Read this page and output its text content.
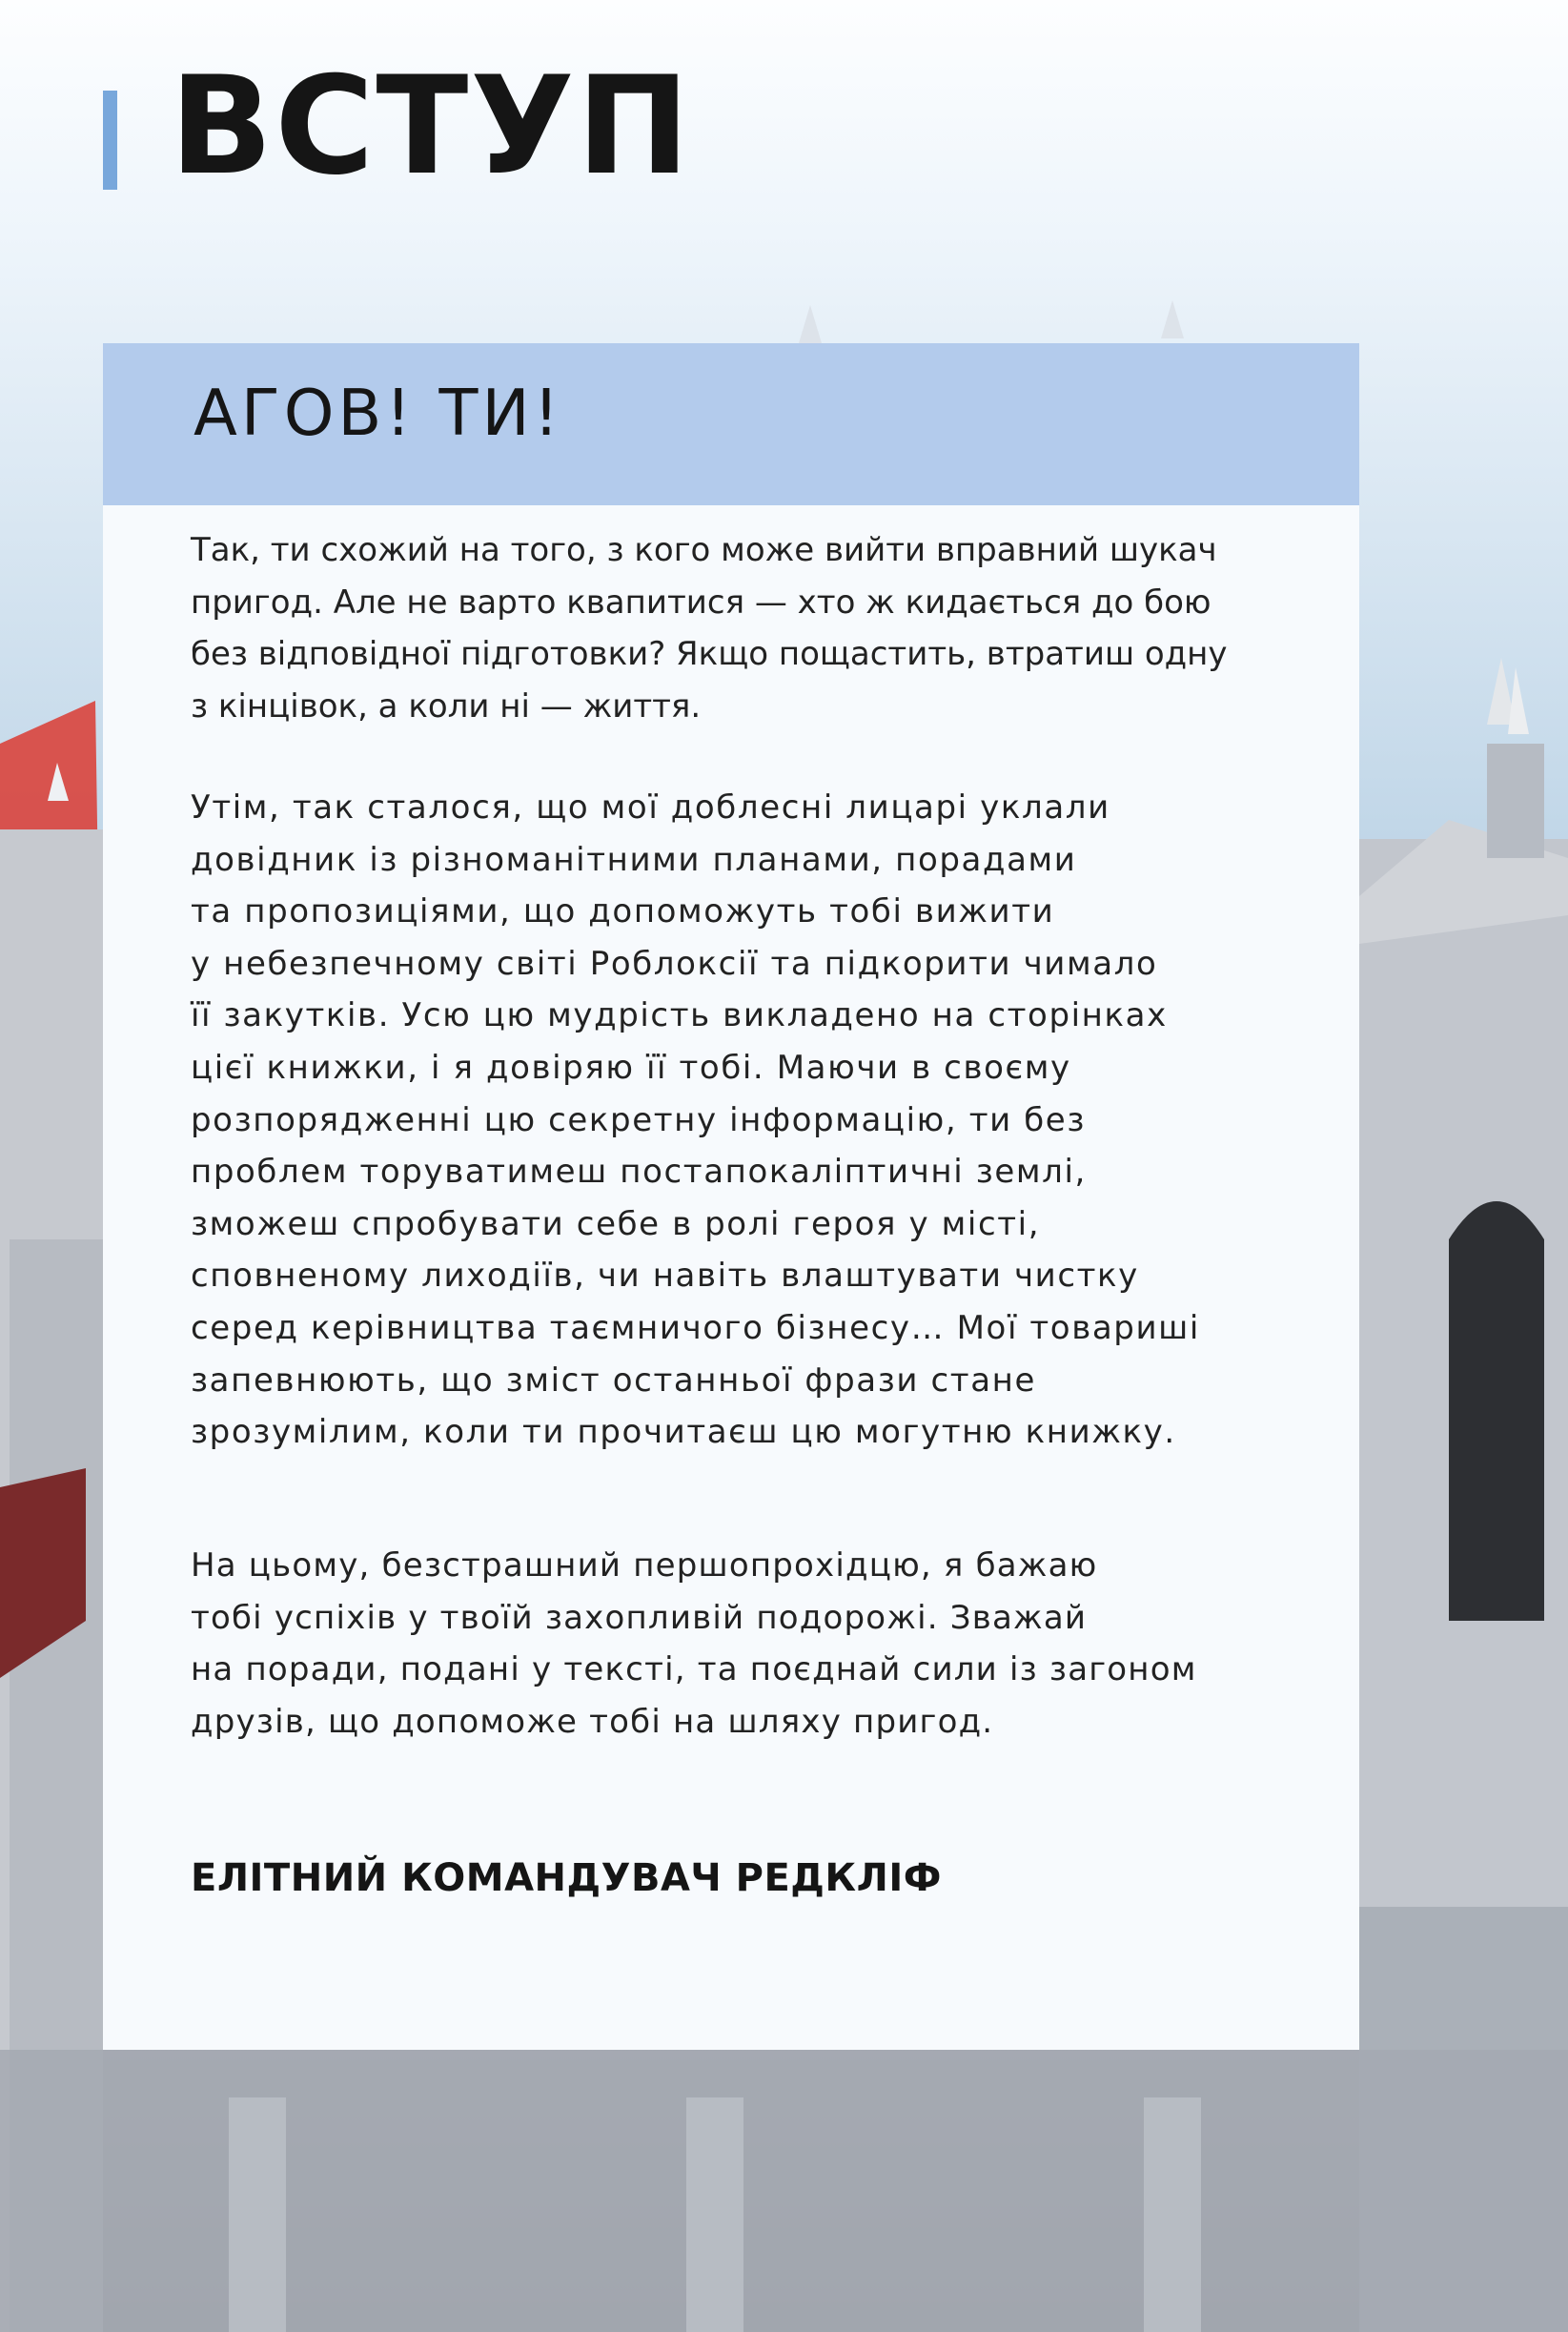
ВСТУП
АГОВ! ТИ!

Так, ти схожий на того, з кого може вийти вправний шукач
пригод. Але не варто квапитися — хто ж кидається до бою
без відповідної підготовки? Якщо пощастить, втратиш одну
з кінцівок, а коли ні — життя.

Утім, так сталося, що мої доблесні лицарі уклали
довідник із різноманітними планами, порадами
та пропозиціями, що допоможуть тобі вижити
у небезпечному світі Роблоксії та підкорити чимало
її закутків. Усю цю мудрість викладено на сторінках
цієї книжки, і я довіряю її тобі. Маючи в своєму
розпорядженні цю секретну інформацію, ти без
проблем торуватимеш постапокаліптичні землі,
зможеш спробувати себе в ролі героя у місті,
сповненому лиходіїв, чи навіть влаштувати чистку
серед керівництва таємничого бізнесу… Мої товариші
запевнюють, що зміст останньої фрази стане
зрозумілим, коли ти прочитаєш цю могутню книжку.

На цьому, безстрашний першопрохідцю, я бажаю
тобі успіхів у твоїй захопливій подорожі. Зважай
на поради, подані у тексті, та поєднай сили із загоном
друзів, що допоможе тобі на шляху пригод.

ЕЛІТНИЙ КОМАНДУВАЧ РЕДКЛІФ
